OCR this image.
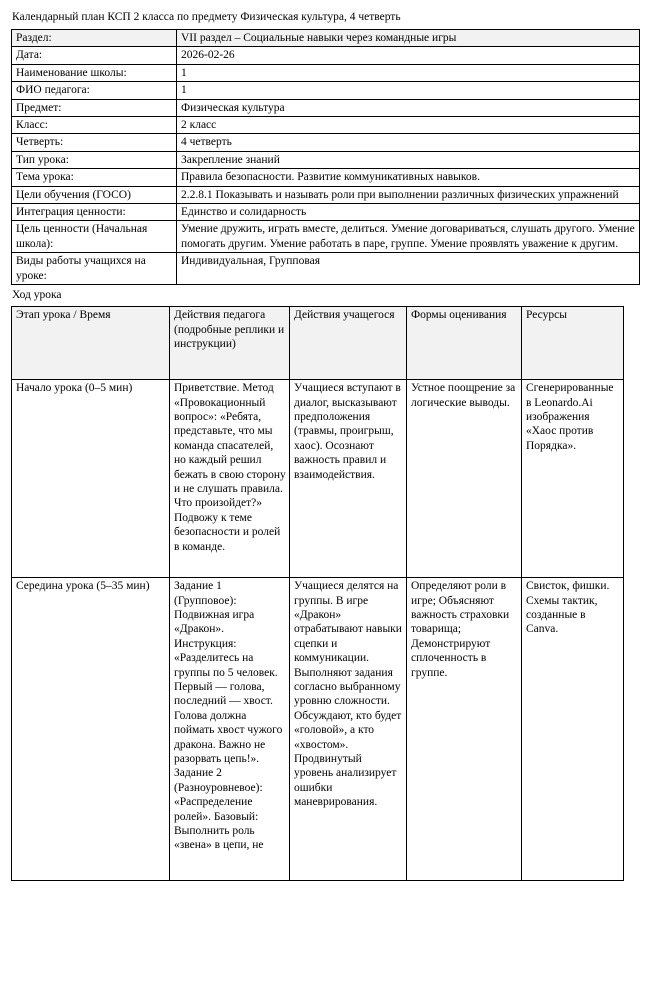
Календарный план КСП 2 класса по предмету Физическая культура, 4 четверть
Раздел:	VII раздел – Социальные навыки через командные игры
Дата:	2026-02-26
Наименование школы:	1
ФИО педагога:	1
Предмет:	Физическая культура
Класс:	2 класс
Четверть:	4 четверть
Тип урока:	Закрепление знаний
Тема урока:	Правила безопасности. Развитие коммуникативных навыков.
Цели обучения (ГОСО)	2.2.8.1 Показывать и называть роли при выполнении различных физических упражнений
Интеграция ценности:	Единство и солидарность
Цель ценности (Начальная школа):	Умение дружить, играть вместе, делиться. Умение договариваться, слушать другого. Умение помогать другим. Умение работать в паре, группе. Умение проявлять уважение к другим.
Виды работы учащихся на уроке:	Индивидуальная, Групповая
Ход урока
Этап урока / Время	Действия педагога (подробные реплики и инструкции)	Действия учащегося	Формы оценивания	Ресурсы
Начало урока (0–5 мин)	Приветствие. Метод «Провокационный вопрос»: «Ребята, представьте, что мы команда спасателей, но каждый решил бежать в свою сторону и не слушать правила. Что произойдет?» Подвожу к теме безопасности и ролей в команде.	Учащиеся вступают в диалог, высказывают предположения (травмы, проигрыш, хаос). Осознают важность правил и взаимодействия.	Устное поощрение за логические выводы.	Сгенерированные в Leonardo.Ai изображения «Хаос против Порядка».
Середина урока (5–35 мин)	Задание 1 (Групповое): Подвижная игра «Дракон». Инструкция: «Разделитесь на группы по 5 человек. Первый — голова, последний — хвост. Голова должна поймать хвост чужого дракона. Важно не разорвать цепь!». Задание 2 (Разноуровневое): «Распределение ролей». Базовый: Выполнить роль «звена» в цепи, не	Учащиеся делятся на группы. В игре «Дракон» отрабатывают навыки сцепки и коммуникации. Выполняют задания согласно выбранному уровню сложности. Обсуждают, кто будет «головой», а кто «хвостом». Продвинутый уровень анализирует ошибки маневрирования.	Определяют роли в игре; Объясняют важность страховки товарища; Демонстрируют сплоченность в группе.	Свисток, фишки. Схемы тактик, созданные в Canva.
